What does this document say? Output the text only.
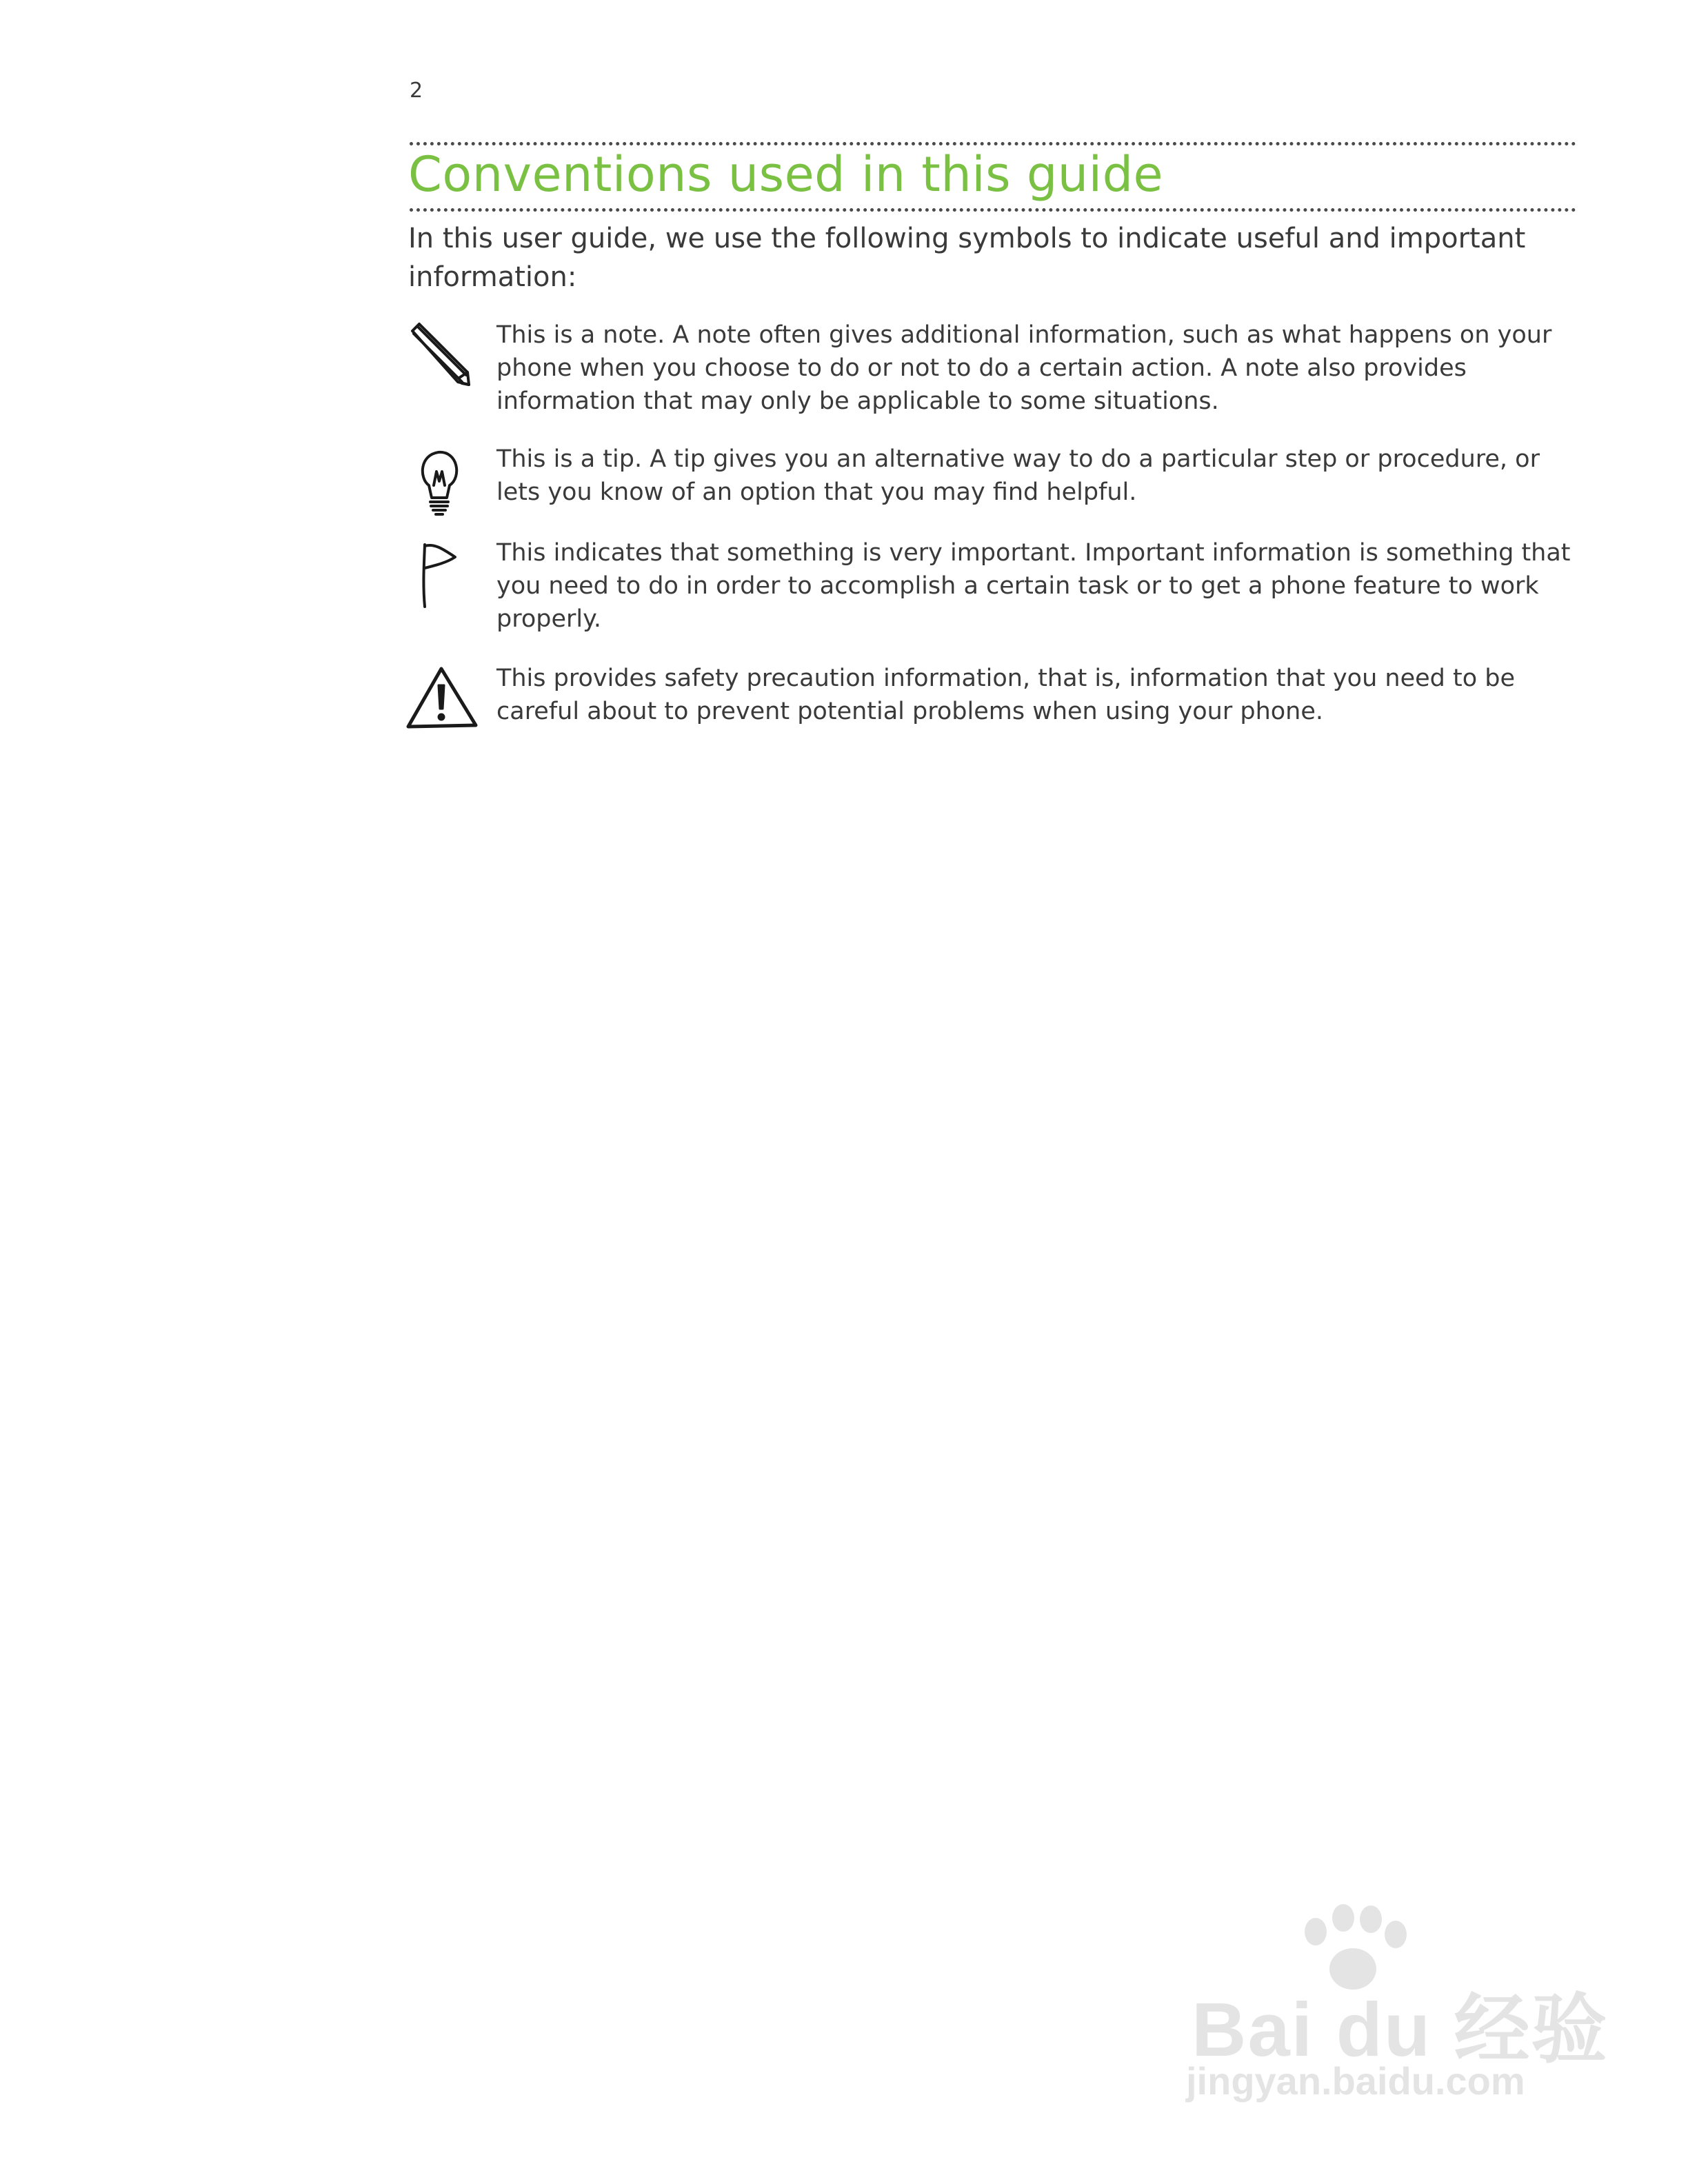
2
Conventions used in this guide

In this user guide, we use the following symbols to indicate useful and important information:

This is a note. A note often gives additional information, such as what happens on your phone when you choose to do or not to do a certain action. A note also provides information that may only be applicable to some situations.

This is a tip. A tip gives you an alternative way to do a particular step or procedure, or lets you know of an option that you may find helpful.

This indicates that something is very important. Important information is something that you need to do in order to accomplish a certain task or to get a phone feature to work properly.

This provides safety precaution information, that is, information that you need to be careful about to prevent potential problems when using your phone.

Bai du 经验
jingyan.baidu.com
